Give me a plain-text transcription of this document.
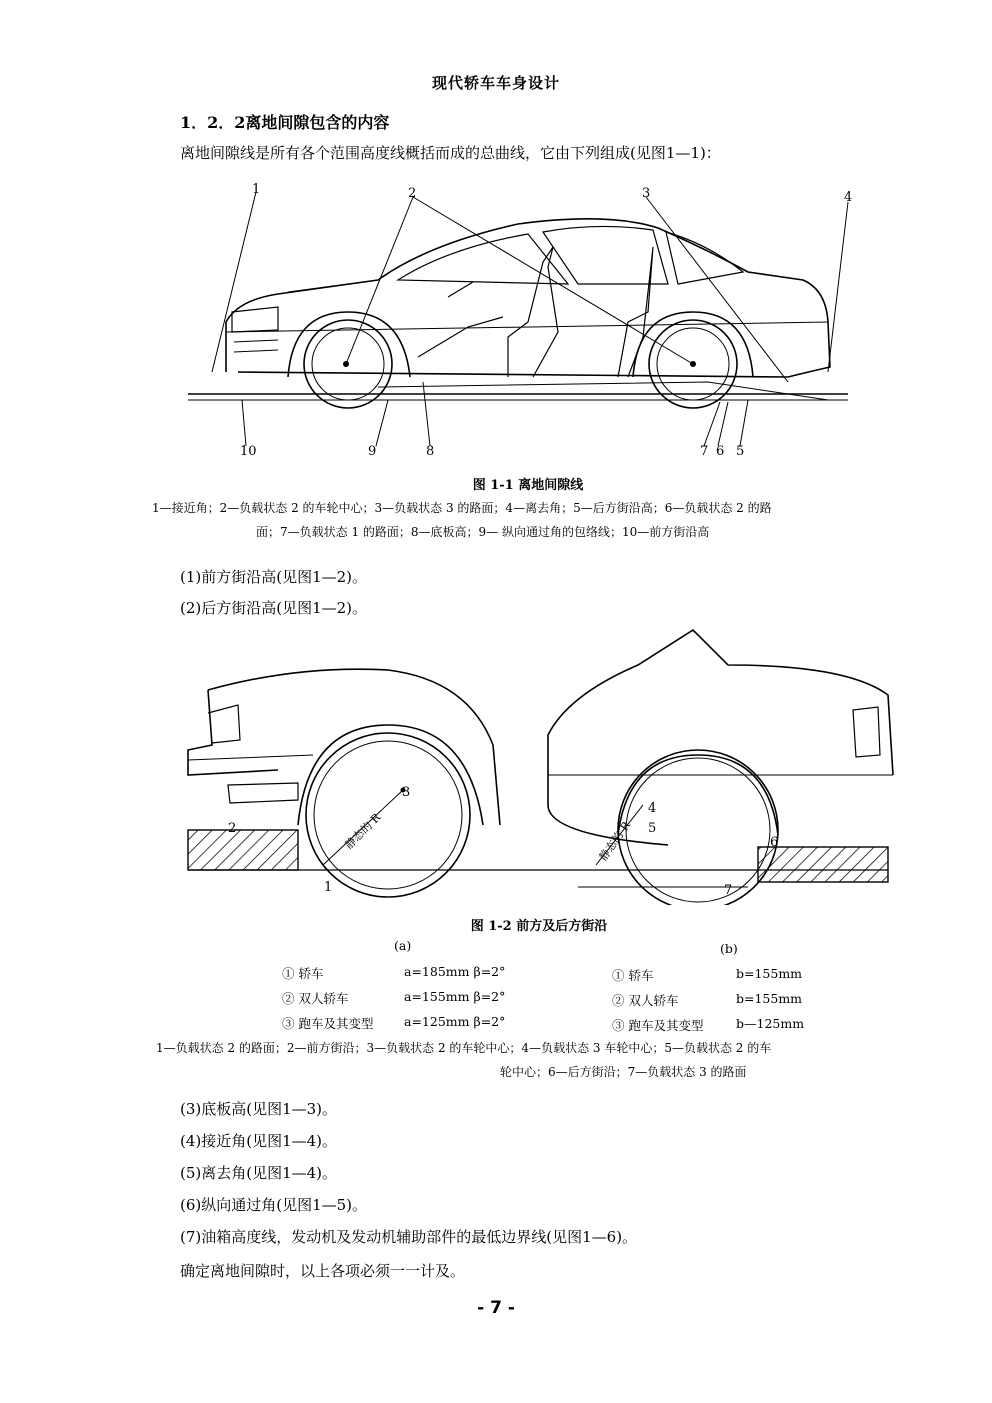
现代轿车车身设计
1．2．2离地间隙包含的内容
离地间隙线是所有各个范围高度线概括而成的总曲线，它由下列组成(见图1—1)：
1	2	3	4
10	9	8	7 6 5
图 1-1 离地间隙线
1—接近角；2—负载状态 2 的车轮中心；3—负载状态 3 的路面；4—离去角；5—后方街沿高；6—负载状态 2 的路
面；7—负载状态 1 的路面；8—底板高；9— 纵向通过角的包络线；10—前方街沿高
(1)前方街沿高(见图1—2)。
(2)后方街沿高(见图1—2)。
2
3
1
4
5
6
7
静态的 R	静态的 R
图 1-2 前方及后方街沿
(a)	(b)
① 轿车	a=185mm β=2°
② 双人轿车	a=155mm β=2°
③ 跑车及其变型 a=125mm β=2°
① 轿车	b=155mm
② 双人轿车	b=155mm
③ 跑车及其变型	b—125mm
1—负载状态 2 的路面；2—前方街沿；3—负载状态 2 的车轮中心；4—负载状态 3 车轮中心；5—负载状态 2 的车
轮中心；6—后方街沿；7—负载状态 3 的路面
(3)底板高(见图1—3)。
(4)接近角(见图1—4)。
(5)离去角(见图1—4)。
(6)纵向通过角(见图1—5)。
(7)油箱高度线，发动机及发动机辅助部件的最低边界线(见图1—6)。
确定离地间隙时，以上各项必须一一计及。
- 7 -
